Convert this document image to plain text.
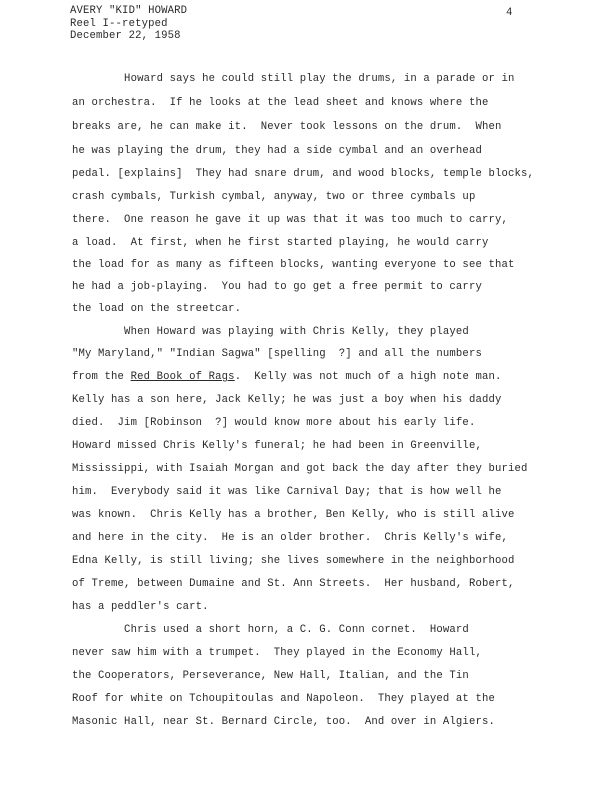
AVERY "KID" HOWARD
Reel I--retyped
December 22, 1958
4
Howard says he could still play the drums, in a parade or in
an orchestra.  If he looks at the lead sheet and knows where the
breaks are, he can make it.  Never took lessons on the drum.  When
he was playing the drum, they had a side cymbal and an overhead
pedal. [explains]  They had snare drum, and wood blocks, temple blocks,
crash cymbals, Turkish cymbal, anyway, two or three cymbals up
there.  One reason he gave it up was that it was too much to carry,
a load.  At first, when he first started playing, he would carry
the load for as many as fifteen blocks, wanting everyone to see that
he had a job-playing.  You had to go get a free permit to carry
the load on the streetcar.
When Howard was playing with Chris Kelly, they played
"My Maryland," "Indian Sagwa" [spelling  ?] and all the numbers
from the Red Book of Rags.  Kelly was not much of a high note man.
Kelly has a son here, Jack Kelly; he was just a boy when his daddy
died.  Jim [Robinson  ?] would know more about his early life.
Howard missed Chris Kelly's funeral; he had been in Greenville,
Mississippi, with Isaiah Morgan and got back the day after they buried
him.  Everybody said it was like Carnival Day; that is how well he
was known.  Chris Kelly has a brother, Ben Kelly, who is still alive
and here in the city.  He is an older brother.  Chris Kelly's wife,
Edna Kelly, is still living; she lives somewhere in the neighborhood
of Treme, between Dumaine and St. Ann Streets.  Her husband, Robert,
has a peddler's cart.
Chris used a short horn, a C. G. Conn cornet.  Howard
never saw him with a trumpet.  They played in the Economy Hall,
the Cooperators, Perseverance, New Hall, Italian, and the Tin
Roof for white on Tchoupitoulas and Napoleon.  They played at the
Masonic Hall, near St. Bernard Circle, too.  And over in Algiers.
